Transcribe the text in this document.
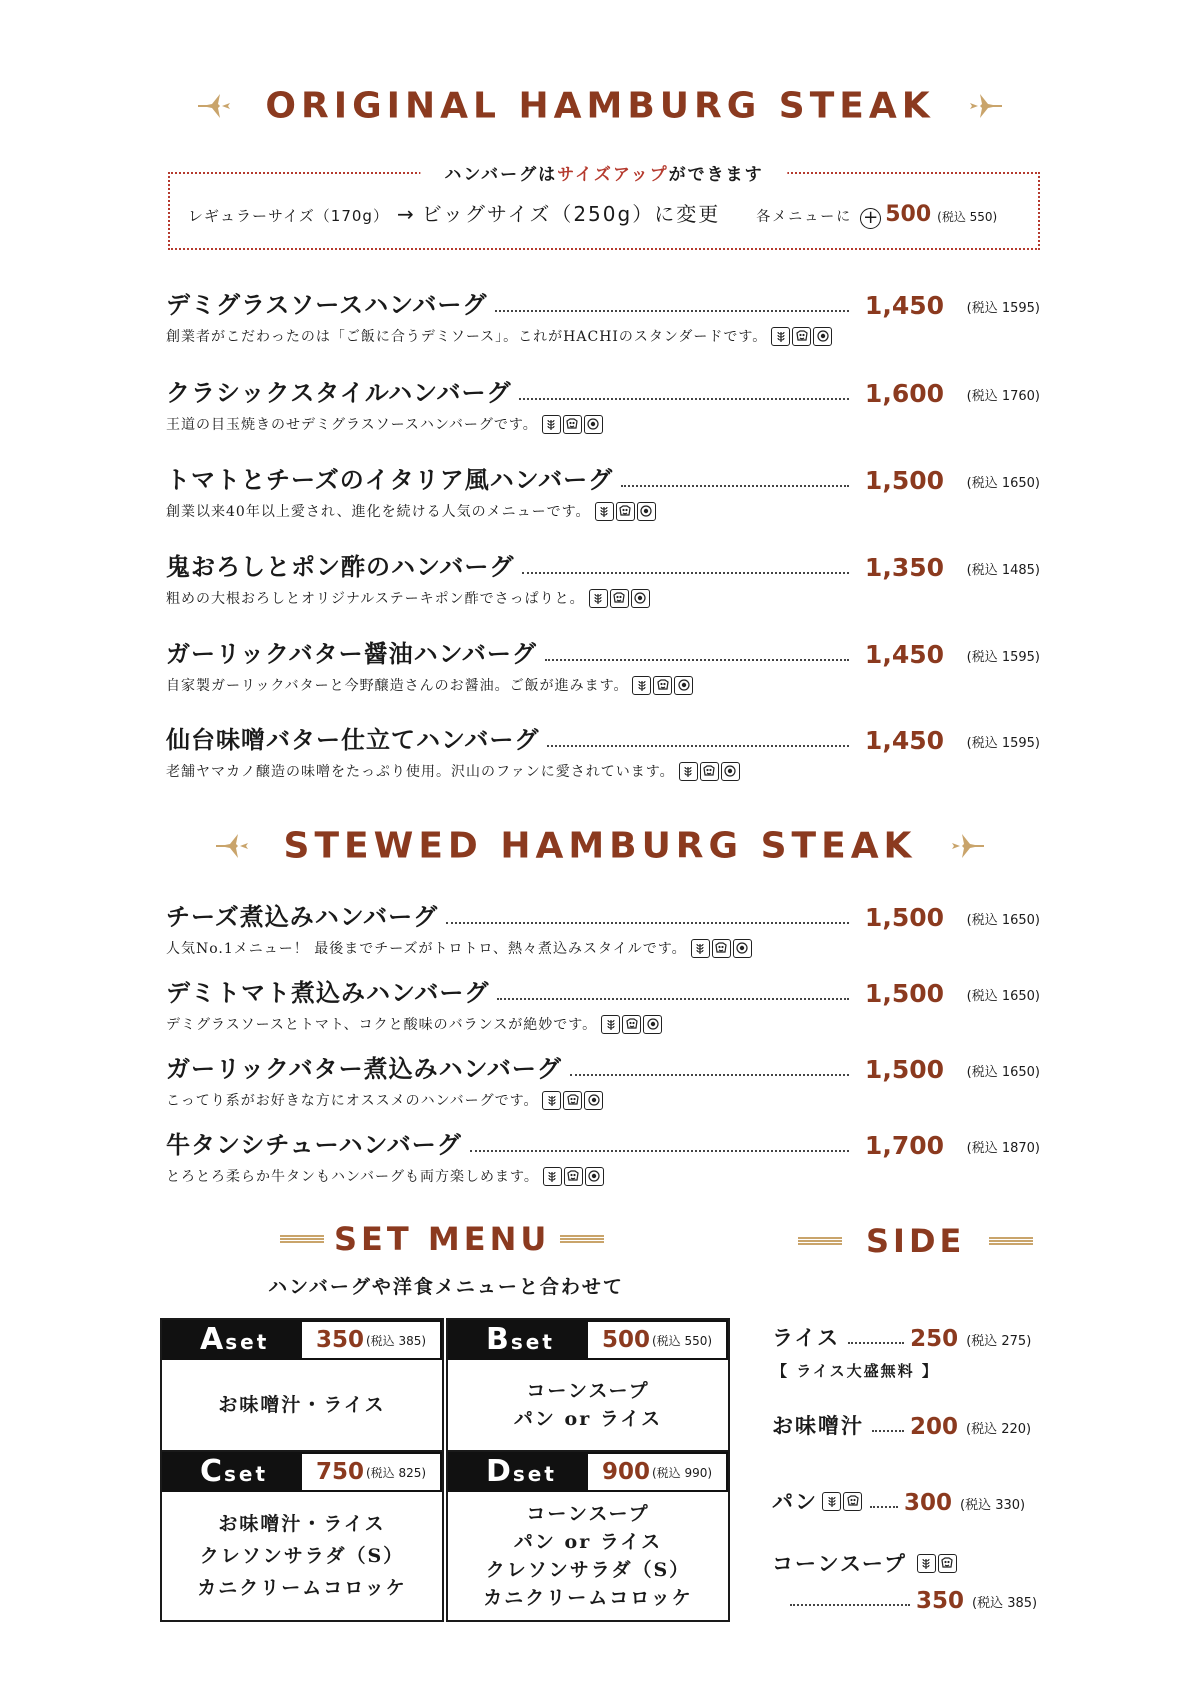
ORIGINAL HAMBURG STEAK
ハンバーグはサイズアップができます
レギュラーサイズ（170g） → ビッグサイズ（250g）に変更	各メニューに + 500 (税込 550)
デミグラスソースハンバーグ	1,450	(税込 1595)
創業者がこだわったのは「ご飯に合うデミソース」。これがHACHIのスタンダードです。
クラシックスタイルハンバーグ	1,600	(税込 1760)
王道の目玉焼きのせデミグラスソースハンバーグです。
トマトとチーズのイタリア風ハンバーグ	1,500	(税込 1650)
創業以来40年以上愛され、進化を続ける人気のメニューです。
鬼おろしとポン酢のハンバーグ	1,350	(税込 1485)
粗めの大根おろしとオリジナルステーキポン酢でさっぱりと。
ガーリックバター醤油ハンバーグ	1,450	(税込 1595)
自家製ガーリックバターと今野醸造さんのお醤油。ご飯が進みます。
仙台味噌バター仕立てハンバーグ	1,450	(税込 1595)
老舗ヤマカノ醸造の味噌をたっぷり使用。沢山のファンに愛されています。
STEWED HAMBURG STEAK
チーズ煮込みハンバーグ	1,500	(税込 1650)
人気No.1メニュー！ 最後までチーズがトロトロ、熱々煮込みスタイルです。
デミトマト煮込みハンバーグ	1,500	(税込 1650)
デミグラスソースとトマト、コクと酸味のバランスが絶妙です。
ガーリックバター煮込みハンバーグ	1,500	(税込 1650)
こってり系がお好きな方にオススメのハンバーグです。
牛タンシチューハンバーグ	1,700	(税込 1870)
とろとろ柔らか牛タンもハンバーグも両方楽しめます。
SET MENU
ハンバーグや洋食メニューと合わせて
SIDE
A set 350 (税込 385)
お味噌汁・ライス
B set 500 (税込 550)
コーンスープ
パン or ライス
C set 750 (税込 825)
お味噌汁・ライス
クレソンサラダ（S）
カニクリームコロッケ
D set 900 (税込 990)
コーンスープ
パン or ライス
クレソンサラダ（S）
カニクリームコロッケ
ライス	250 (税込 275)
【 ライス大盛無料 】
お味噌汁 200 (税込 220)
パン	300 (税込 330)
コーンスープ
350 (税込 385)
